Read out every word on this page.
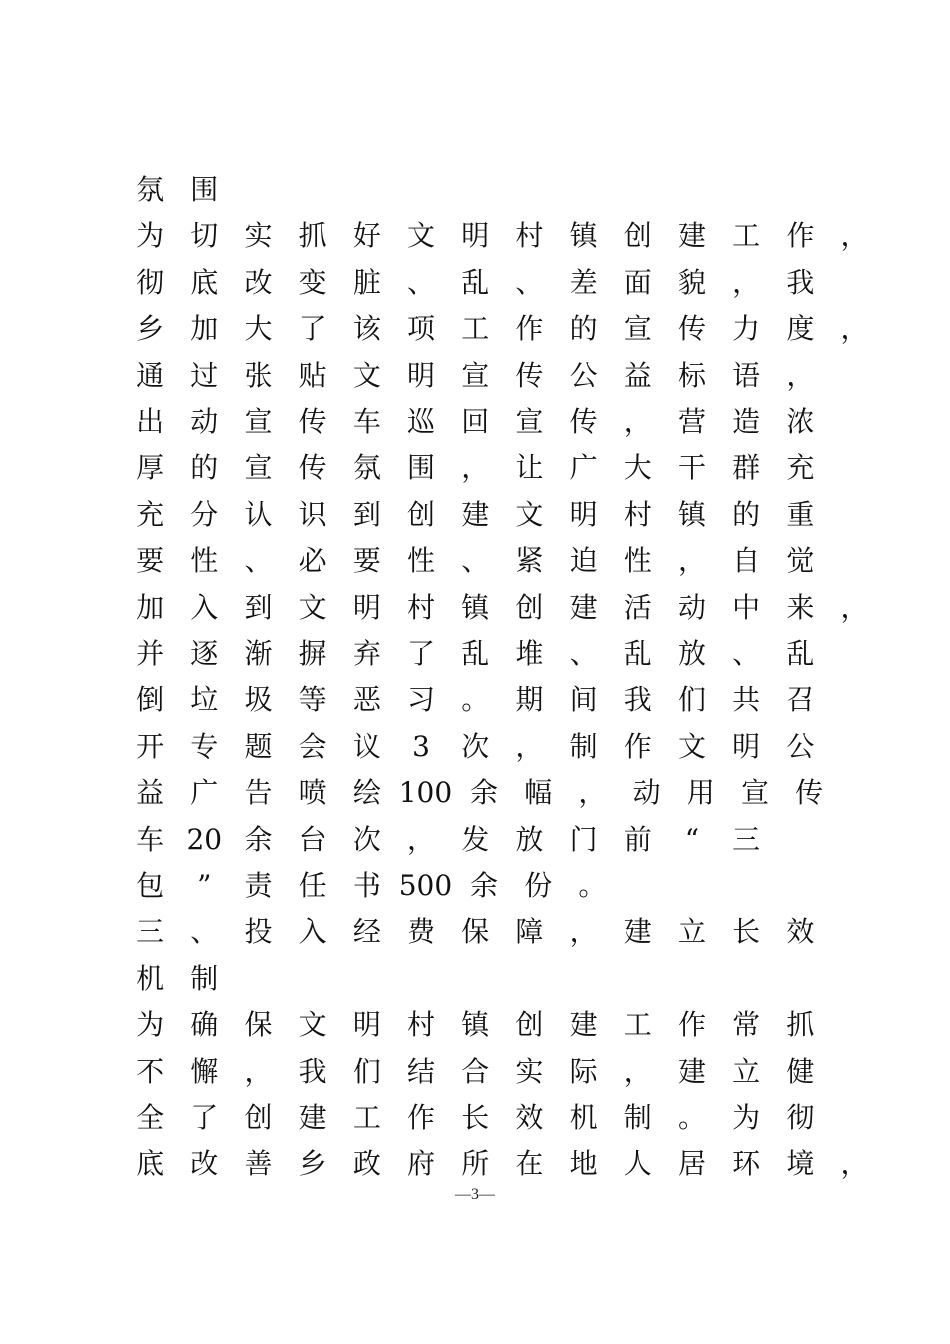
氛 围
为 切 实 抓 好 文 明 村 镇 创 建 工 作 ，
彻 底 改 变 脏 、 乱 、 差 面 貌 ， 我
乡 加 大 了 该 项 工 作 的 宣 传 力 度 ，
通 过 张 贴 文 明 宣 传 公 益 标 语 ，
出 动 宣 传 车 巡 回 宣 传 ， 营 造 浓
厚 的 宣 传 氛 围 ， 让 广 大 干 群 充
充 分 认 识 到 创 建 文 明 村 镇 的 重
要 性 、 必 要 性 、 紧 迫 性 ， 自 觉
加 入 到 文 明 村 镇 创 建 活 动 中 来 ，
并 逐 渐 摒 弃 了 乱 堆 、 乱 放 、 乱
倒 垃 圾 等 恶 习 。 期 间 我 们 共 召
开 专 题 会 议 3 次 ， 制 作 文 明 公
益 广 告 喷 绘 100 余 幅 ， 动 用 宣 传
车 20 余 台 次 ， 发 放 门 前 “ 三
包 ” 责 任 书 500 余 份 。
三 、 投 入 经 费 保 障 ， 建 立 长 效
机 制
为 确 保 文 明 村 镇 创 建 工 作 常 抓
不 懈 ， 我 们 结 合 实 际 ， 建 立 健
全 了 创 建 工 作 长 效 机 制 。 为 彻
底 改 善 乡 政 府 所 在 地 人 居 环 境 ，
—3—
